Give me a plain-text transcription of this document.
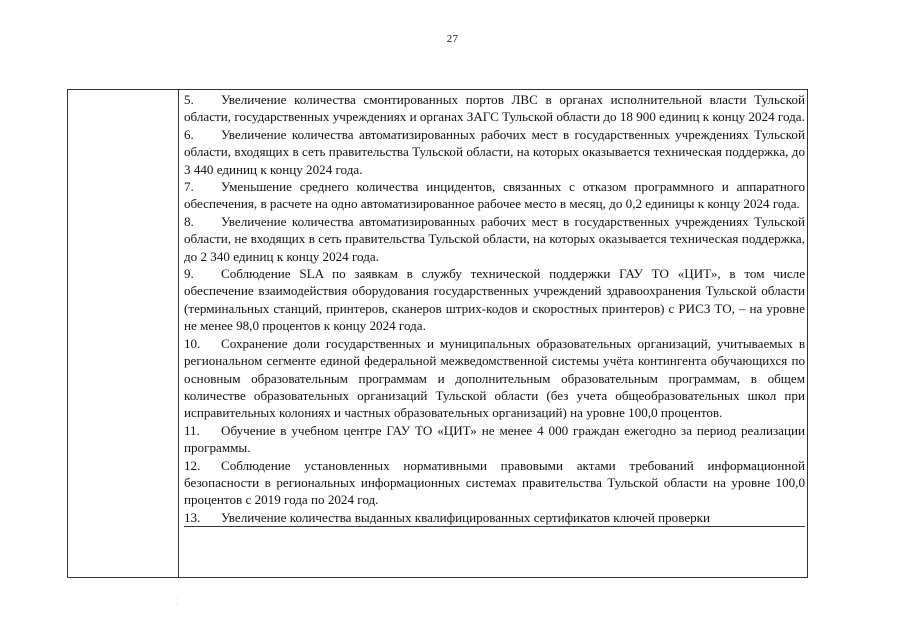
27

5. Увеличение количества смонтированных портов ЛВС в органах исполнительной власти Тульской области, государственных учреждениях и органах ЗАГС Тульской области до 18 900 единиц к концу 2024 года.

6. Увеличение количества автоматизированных рабочих мест в государственных учреждениях Тульской области, входящих в сеть правительства Тульской области, на которых оказывается техническая поддержка, до 3 440 единиц к концу 2024 года.

7. Уменьшение среднего количества инцидентов, связанных с отказом программного и аппаратного обеспечения, в расчете на одно автоматизированное рабочее место в месяц, до 0,2 единицы к концу 2024 года.

8. Увеличение количества автоматизированных рабочих мест в государственных учреждениях Тульской области, не входящих в сеть правительства Тульской области, на которых оказывается техническая поддержка, до 2 340 единиц к концу 2024 года.

9. Соблюдение SLA по заявкам в службу технической поддержки ГАУ ТО «ЦИТ», в том числе обеспечение взаимодействия оборудования государственных учреждений здравоохранения Тульской области (терминальных станций, принтеров, сканеров штрих-кодов и скоростных принтеров) с РИСЗ ТО, – на уровне не менее 98,0 процентов к концу 2024 года.

10. Сохранение доли государственных и муниципальных образовательных организаций, учитываемых в региональном сегменте единой федеральной межведомственной системы учёта контингента обучающихся по основным образовательным программам и дополнительным образовательным программам, в общем количестве образовательных организаций Тульской области (без учета общеобразовательных школ при исправительных колониях и частных образовательных организаций) на уровне 100,0 процентов.

11. Обучение в учебном центре ГАУ ТО «ЦИТ» не менее 4 000 граждан ежегодно за период реализации программы.

12. Соблюдение установленных нормативными правовыми актами требований информационной безопасности в региональных информационных системах правительства Тульской области на уровне 100,0 процентов с 2019 года по 2024 год.

13. Увеличение количества выданных квалифицированных сертификатов ключей проверки

·
·
